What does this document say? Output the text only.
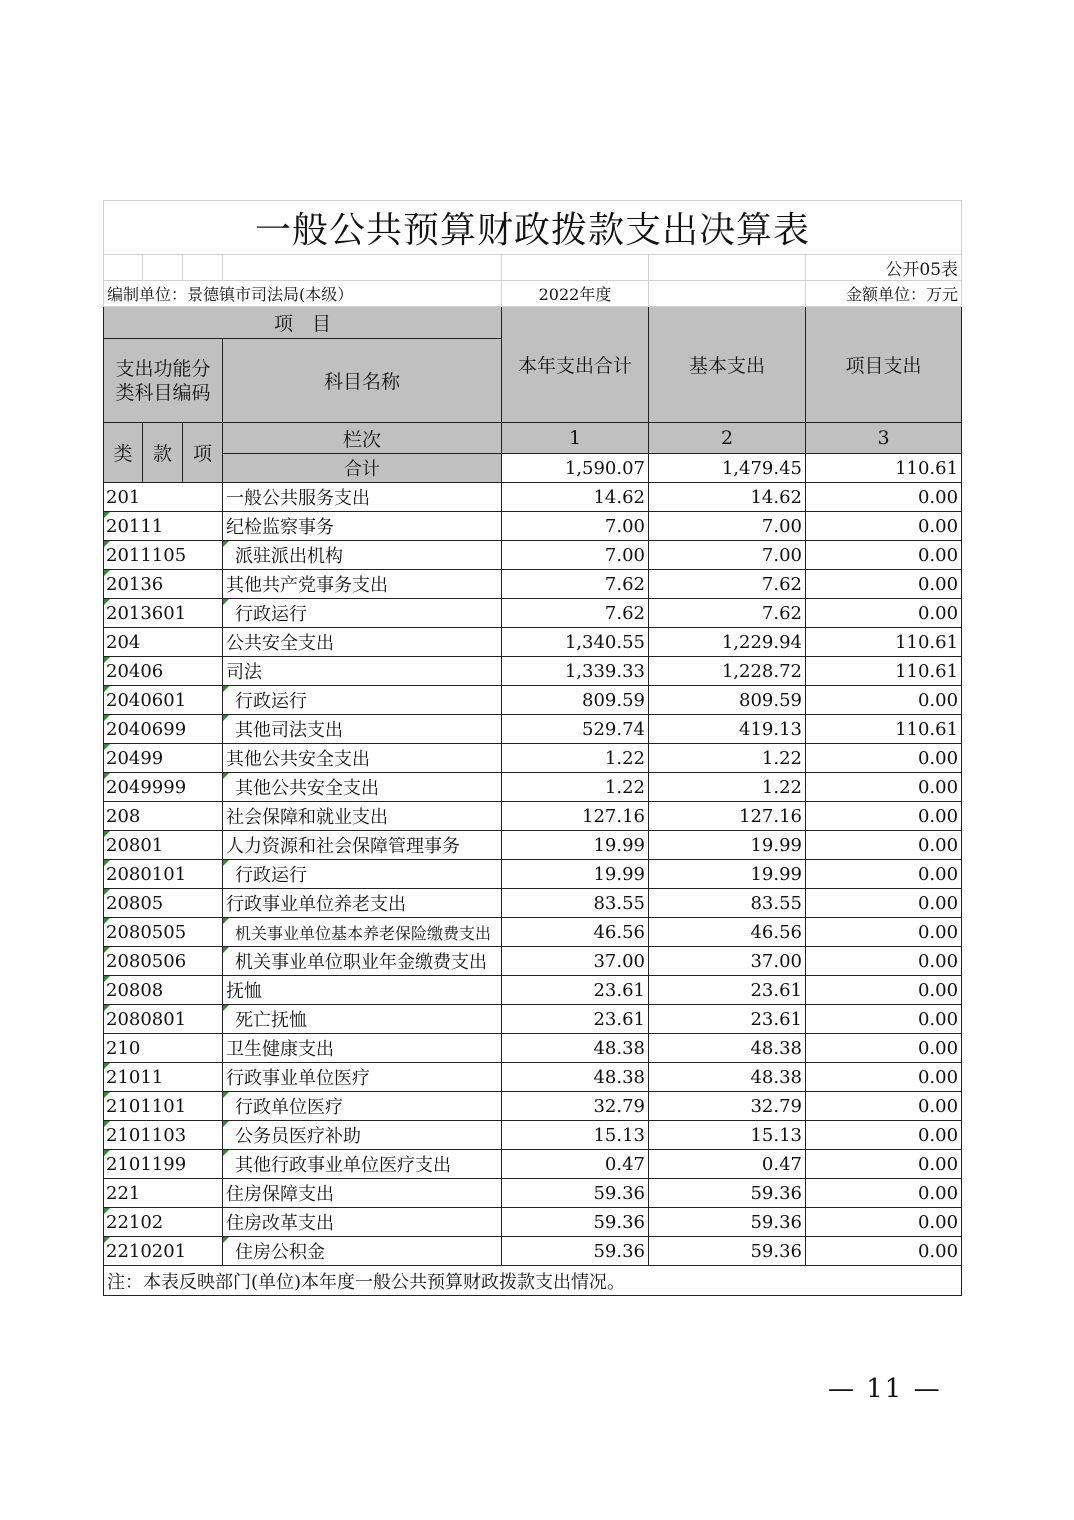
一般公共预算财政拨款支出决算表						
						公开05表
编制单位：景德镇市司法局(本级）				2022年度		金额单位：万元
项　目				本年支出合计	基本支出	项目支出
支出功能分类科目编码			科目名称			
类	款	项	栏次	1	2	3
			合计	1,590.07	1,479.45	110.61
201			一般公共服务支出	14.62	14.62	0.00
20111			纪检监察事务	7.00	7.00	0.00
2011105			派驻派出机构	7.00	7.00	0.00
20136			其他共产党事务支出	7.62	7.62	0.00
2013601			行政运行	7.62	7.62	0.00
204			公共安全支出	1,340.55	1,229.94	110.61
20406			司法	1,339.33	1,228.72	110.61
2040601			行政运行	809.59	809.59	0.00
2040699			其他司法支出	529.74	419.13	110.61
20499			其他公共安全支出	1.22	1.22	0.00
2049999			其他公共安全支出	1.22	1.22	0.00
208			社会保障和就业支出	127.16	127.16	0.00
20801			人力资源和社会保障管理事务	19.99	19.99	0.00
2080101			行政运行	19.99	19.99	0.00
20805			行政事业单位养老支出	83.55	83.55	0.00
2080505			机关事业单位基本养老保险缴费支出	46.56	46.56	0.00
2080506			机关事业单位职业年金缴费支出	37.00	37.00	0.00
20808			抚恤	23.61	23.61	0.00
2080801			死亡抚恤	23.61	23.61	0.00
210			卫生健康支出	48.38	48.38	0.00
21011			行政事业单位医疗	48.38	48.38	0.00
2101101			行政单位医疗	32.79	32.79	0.00
2101103			公务员医疗补助	15.13	15.13	0.00
2101199			其他行政事业单位医疗支出	0.47	0.47	0.00
221			住房保障支出	59.36	59.36	0.00
22102			住房改革支出	59.36	59.36	0.00
2210201			住房公积金	59.36	59.36	0.00
注：本表反映部门(单位)本年度一般公共预算财政拨款支出情况。						
— 11 —
